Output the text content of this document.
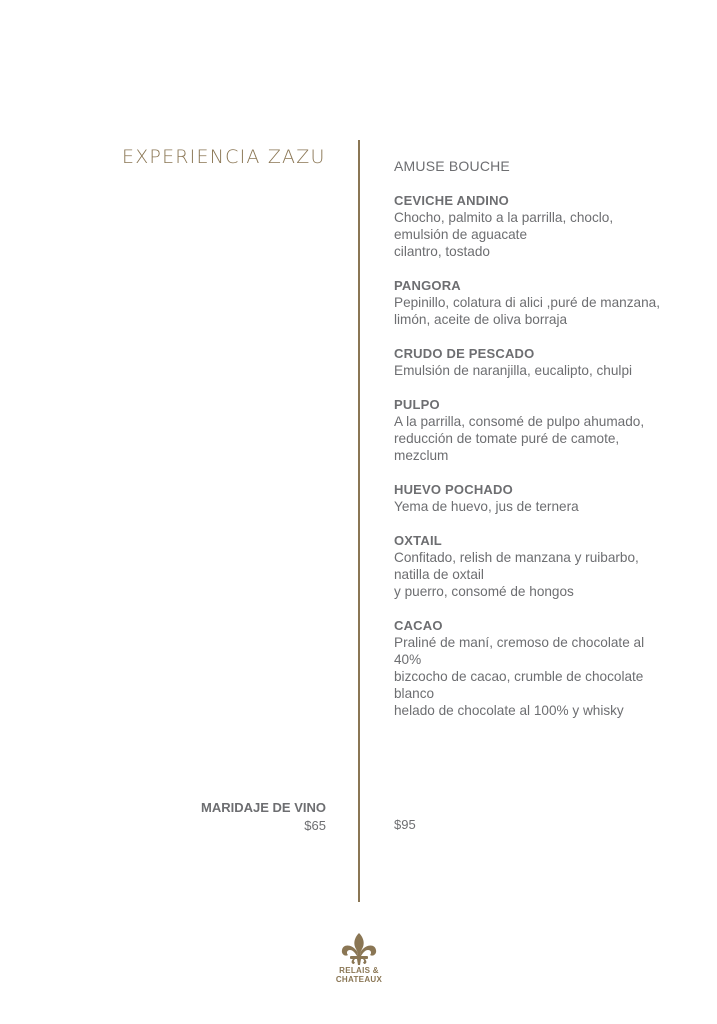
EXPERIENCIA ZAZU	AMUSE BOUCHE

CEVICHE ANDINO

Chocho, palmito a la parrilla, choclo,

emulsión de aguacate

cilantro, tostado

PANGORA

Pepinillo, colatura di alici ,puré de manzana,

limón, aceite de oliva borraja

CRUDO DE PESCADO

Emulsión de naranjilla, eucalipto, chulpi

PULPO

A la parrilla, consomé de pulpo ahumado,

reducción de tomate puré de camote,

mezclum

HUEVO POCHADO

Yema de huevo, jus de ternera

OXTAIL

Confitado, relish de manzana y ruibarbo,

natilla de oxtail

y puerro, consomé de hongos

CACAO

Praliné de maní, cremoso de chocolate al

40%

bizcocho de cacao, crumble de chocolate

blanco

helado de chocolate al 100% y whisky

MARIDAJE DE VINO

$65	$95

RELAIS &

CHATEAUX
